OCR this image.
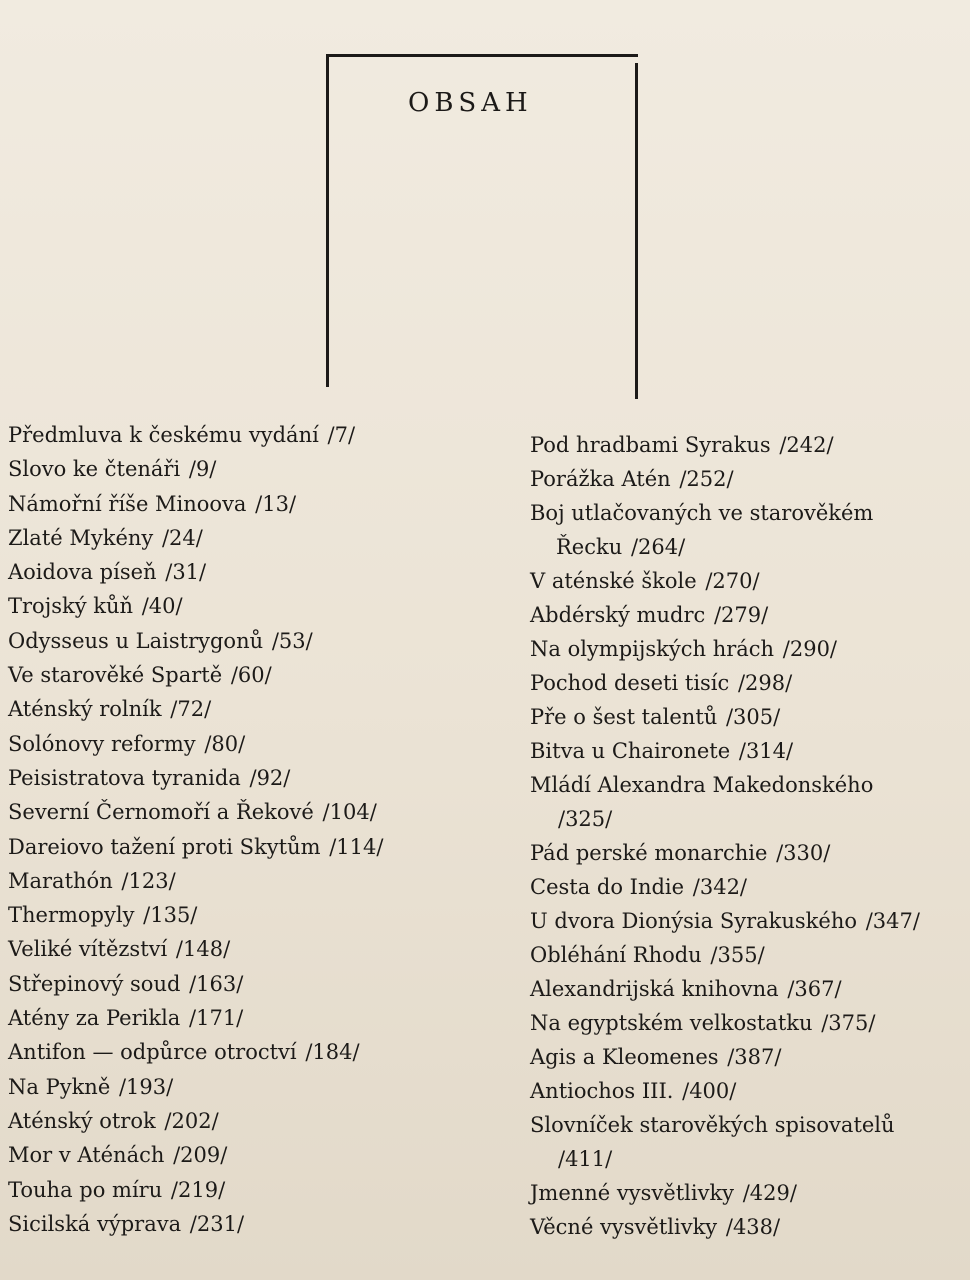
OBSAH
Předmluva k českému vydání /7/
Slovo ke čtenáři /9/
Námořní říše Minoova /13/
Zlaté Mykény /24/
Aoidova píseň /31/
Trojský kůň /40/
Odysseus u Laistrygonů /53/
Ve starověké Spartě /60/
Aténský rolník /72/
Solónovy reformy /80/
Peisistratova tyranida /92/
Severní Černomoří a Řekové /104/
Dareiovo tažení proti Skytům /114/
Marathón /123/
Thermopyly /135/
Veliké vítězství /148/
Střepinový soud /163/
Atény za Perikla /171/
Antifon — odpůrce otroctví /184/
Na Pykně /193/
Aténský otrok /202/
Mor v Aténách /209/
Touha po míru /219/
Sicilská výprava /231/
Pod hradbami Syrakus /242/
Porážka Atén /252/
Boj utlačovaných ve starověkém
Řecku /264/
V aténské škole /270/
Abdérský mudrc /279/
Na olympijských hrách /290/
Pochod deseti tisíc /298/
Pře o šest talentů /305/
Bitva u Chaironete /314/
Mládí Alexandra Makedonského
/325/
Pád perské monarchie /330/
Cesta do Indie /342/
U dvora Dionýsia Syrakuského /347/
Obléhání Rhodu /355/
Alexandrijská knihovna /367/
Na egyptském velkostatku /375/
Agis a Kleomenes /387/
Antiochos III. /400/
Slovníček starověkých spisovatelů
/411/
Jmenné vysvětlivky /429/
Věcné vysvětlivky /438/
